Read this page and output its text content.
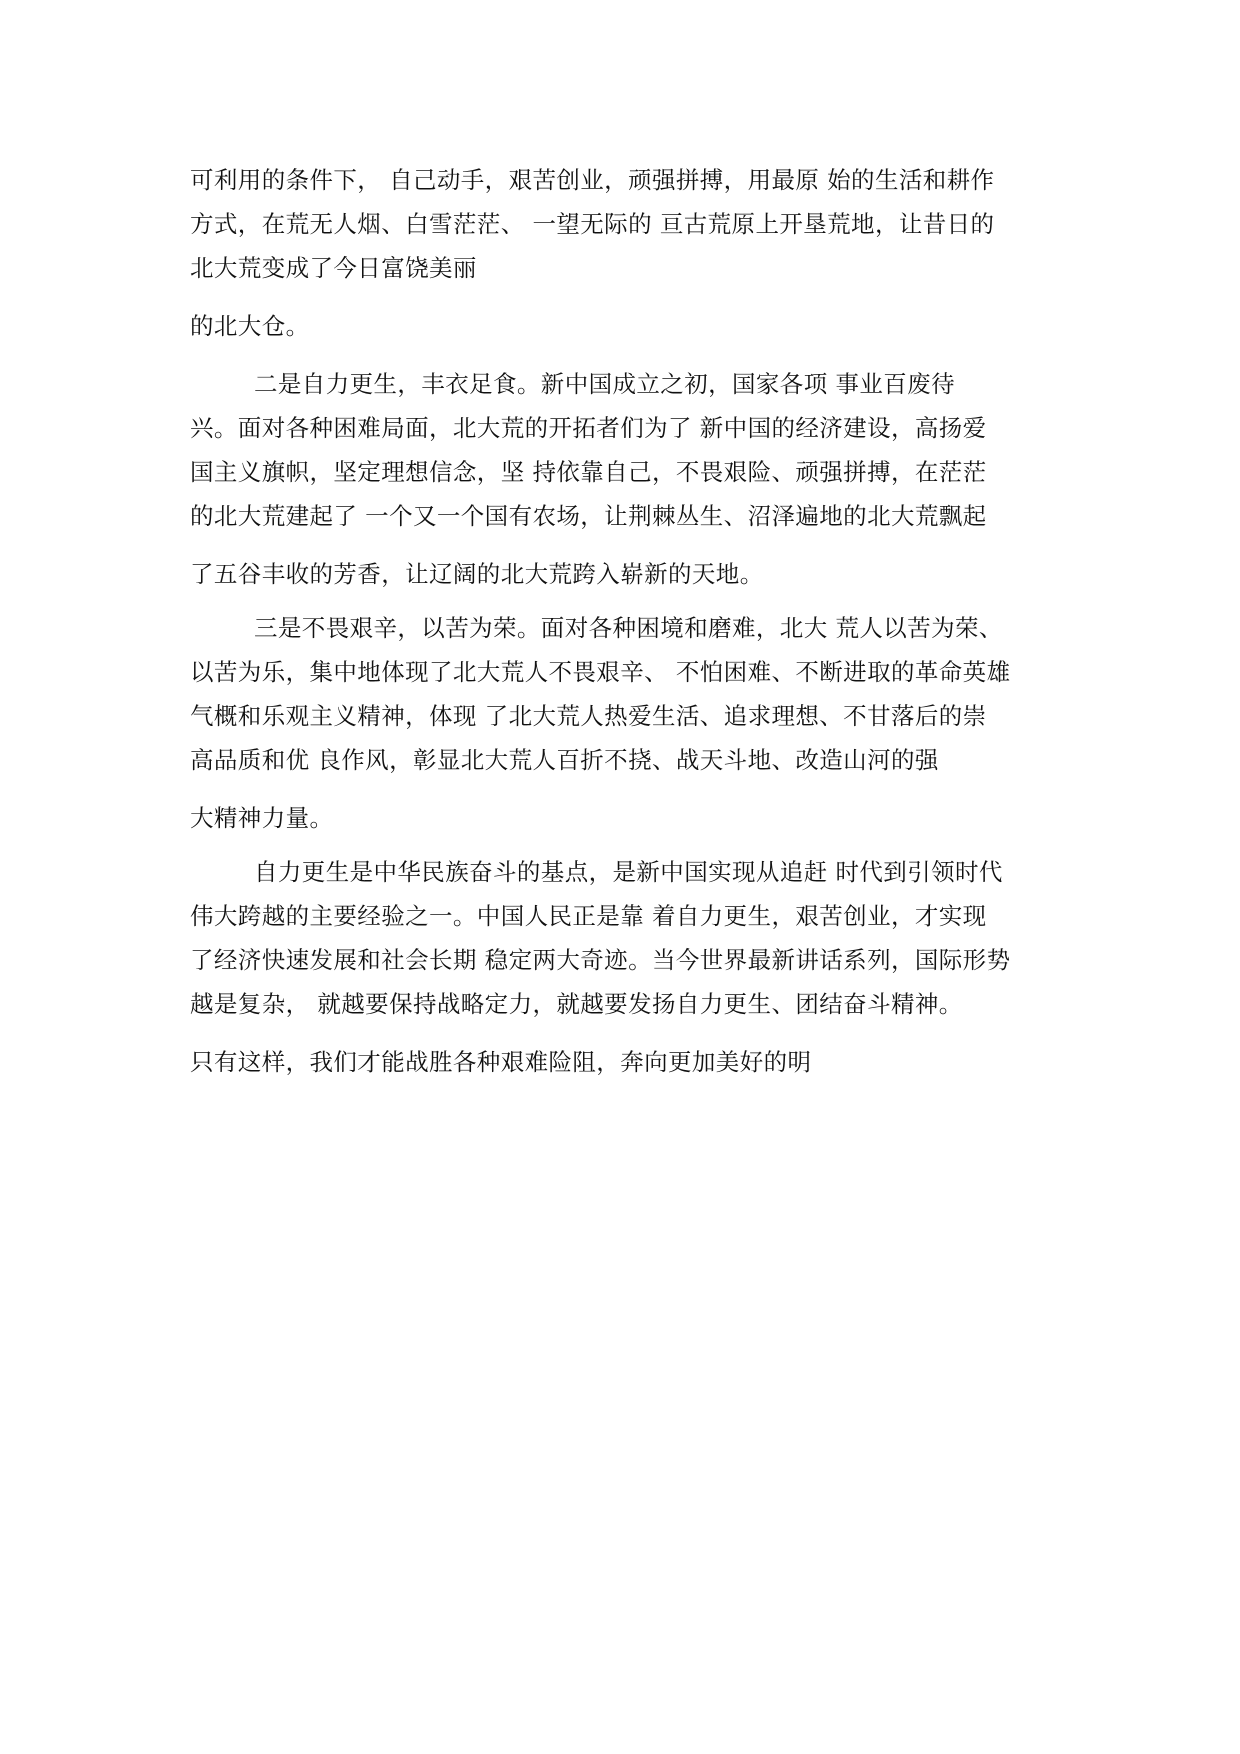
可利用的条件下， 自己动手，艰苦创业，顽强拼搏，用最原 始的生活和耕作
方式，在荒无人烟、白雪茫茫、 一望无际的 亘古荒原上开垦荒地，让昔日的
北大荒变成了今日富饶美丽
的北大仓。
二是自力更生，丰衣足食。新中国成立之初，国家各项 事业百废待
兴。面对各种困难局面，北大荒的开拓者们为了 新中国的经济建设，高扬爱
国主义旗帜，坚定理想信念，坚 持依靠自己，不畏艰险、顽强拼搏，在茫茫
的北大荒建起了 一个又一个国有农场，让荆棘丛生、沼泽遍地的北大荒飘起
了五谷丰收的芳香，让辽阔的北大荒跨入崭新的天地。
三是不畏艰辛，以苦为荣。面对各种困境和磨难，北大 荒人以苦为荣、
以苦为乐，集中地体现了北大荒人不畏艰辛、 不怕困难、不断进取的革命英雄
气概和乐观主义精神，体现 了北大荒人热爱生活、追求理想、不甘落后的崇
高品质和优 良作风，彰显北大荒人百折不挠、战天斗地、改造山河的强
大精神力量。
自力更生是中华民族奋斗的基点，是新中国实现从追赶 时代到引领时代
伟大跨越的主要经验之一。中国人民正是靠 着自力更生，艰苦创业，才实现
了经济快速发展和社会长期 稳定两大奇迹。当今世界最新讲话系列，国际形势
越是复杂， 就越要保持战略定力，就越要发扬自力更生、团结奋斗精神。
只有这样，我们才能战胜各种艰难险阻，奔向更加美好的明
